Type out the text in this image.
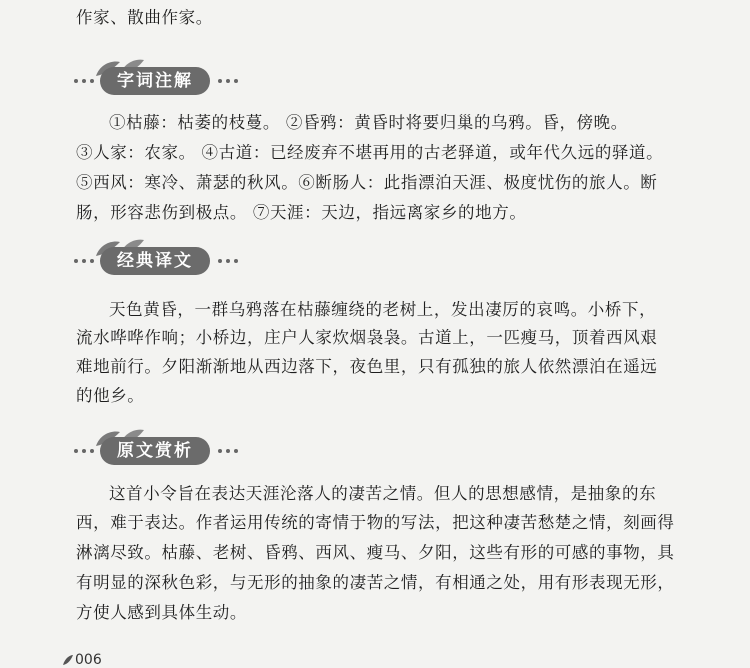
作家、散曲作家。
字词注解
①枯藤：枯萎的枝蔓。 ②昏鸦：黄昏时将要归巢的乌鸦。昏，傍晚。
③人家：农家。 ④古道：已经废弃不堪再用的古老驿道，或年代久远的驿道。
⑤西风：寒冷、萧瑟的秋风。⑥断肠人：此指漂泊天涯、极度忧伤的旅人。断
肠，形容悲伤到极点。 ⑦天涯：天边，指远离家乡的地方。
经典译文
天色黄昏，一群乌鸦落在枯藤缠绕的老树上，发出凄厉的哀鸣。小桥下，
流水哗哗作响；小桥边，庄户人家炊烟袅袅。古道上，一匹瘦马，顶着西风艰
难地前行。夕阳渐渐地从西边落下，夜色里，只有孤独的旅人依然漂泊在遥远
的他乡。
原文赏析
这首小令旨在表达天涯沦落人的凄苦之情。但人的思想感情，是抽象的东
西，难于表达。作者运用传统的寄情于物的写法，把这种凄苦愁楚之情，刻画得
淋漓尽致。枯藤、老树、昏鸦、西风、瘦马、夕阳，这些有形的可感的事物，具
有明显的深秋色彩，与无形的抽象的凄苦之情，有相通之处，用有形表现无形，
方使人感到具体生动。
006
